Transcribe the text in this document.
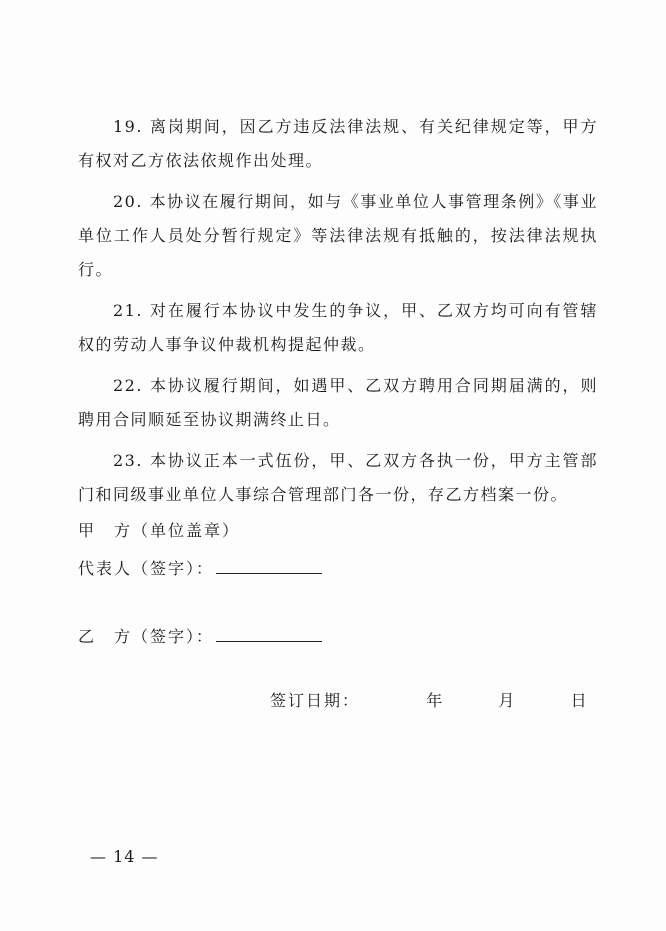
19. 离岗期间，因乙方违反法律法规、有关纪律规定等，甲方有权对乙方依法依规作出处理。

20. 本协议在履行期间，如与《事业单位人事管理条例》《事业单位工作人员处分暂行规定》等法律法规有抵触的，按法律法规执行。

21. 对在履行本协议中发生的争议，甲、乙双方均可向有管辖权的劳动人事争议仲裁机构提起仲裁。

22. 本协议履行期间，如遇甲、乙双方聘用合同期届满的，则聘用合同顺延至协议期满终止日。

23. 本协议正本一式伍份，甲、乙双方各执一份，甲方主管部门和同级事业单位人事综合管理部门各一份，存乙方档案一份。

甲　方（单位盖章）
代表人（签字）：
乙　方（签字）：
签订日期：	年	月	日
— 14 —
